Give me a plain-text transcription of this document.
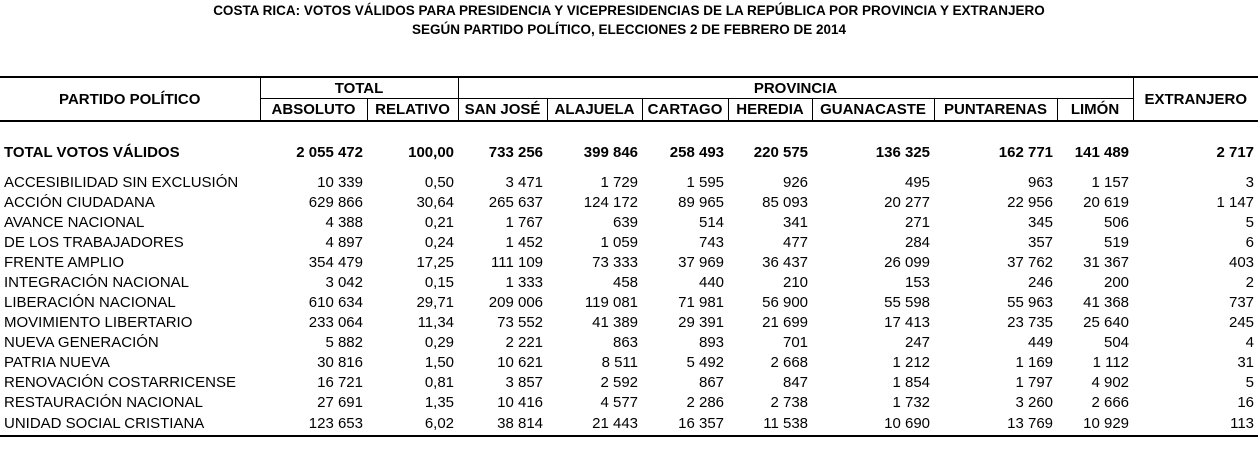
COSTA RICA: VOTOS VÁLIDOS PARA PRESIDENCIA Y VICEPRESIDENCIAS DE LA REPÚBLICA POR PROVINCIA Y EXTRANJERO
SEGÚN PARTIDO POLÍTICO, ELECCIONES 2 DE FEBRERO DE 2014
PARTIDO POLÍTICO	TOTAL		PROVINCIA							EXTRANJERO
	ABSOLUTO	RELATIVO	SAN JOSÉ	ALAJUELA	CARTAGO	HEREDIA	GUANACASTE	PUNTARENAS	LIMÓN	

TOTAL VOTOS VÁLIDOS	2 055 472	100,00	733 256	399 846	258 493	220 575	136 325	162 771	141 489	2 717

ACCESIBILIDAD SIN EXCLUSIÓN	10 339	0,50	3 471	1 729	1 595	926	495	963	1 157	3
ACCIÓN CIUDADANA	629 866	30,64	265 637	124 172	89 965	85 093	20 277	22 956	20 619	1 147
AVANCE NACIONAL	4 388	0,21	1 767	639	514	341	271	345	506	5
DE LOS TRABAJADORES	4 897	0,24	1 452	1 059	743	477	284	357	519	6
FRENTE AMPLIO	354 479	17,25	111 109	73 333	37 969	36 437	26 099	37 762	31 367	403
INTEGRACIÓN NACIONAL	3 042	0,15	1 333	458	440	210	153	246	200	2
LIBERACIÓN NACIONAL	610 634	29,71	209 006	119 081	71 981	56 900	55 598	55 963	41 368	737
MOVIMIENTO LIBERTARIO	233 064	11,34	73 552	41 389	29 391	21 699	17 413	23 735	25 640	245
NUEVA GENERACIÓN	5 882	0,29	2 221	863	893	701	247	449	504	4
PATRIA NUEVA	30 816	1,50	10 621	8 511	5 492	2 668	1 212	1 169	1 112	31
RENOVACIÓN COSTARRICENSE	16 721	0,81	3 857	2 592	867	847	1 854	1 797	4 902	5
RESTAURACIÓN NACIONAL	27 691	1,35	10 416	4 577	2 286	2 738	1 732	3 260	2 666	16
UNIDAD SOCIAL CRISTIANA	123 653	6,02	38 814	21 443	16 357	11 538	10 690	13 769	10 929	113
